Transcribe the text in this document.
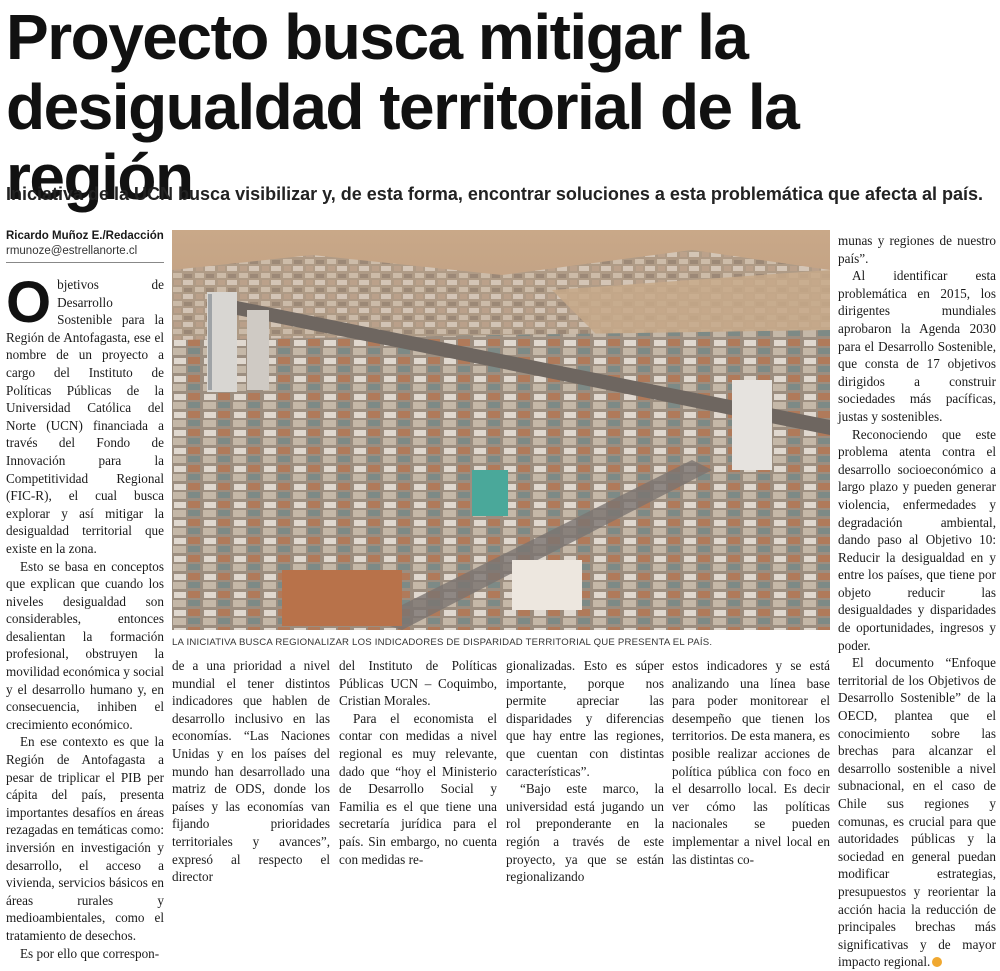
Proyecto busca mitigar la desigualdad territorial de la región
Iniciativa de la UCN busca visibilizar y, de esta forma, encontrar soluciones a esta problemática que afecta al país.
Ricardo Muñoz E./Redacción
rmunoze@estrellanorte.cl

Objetivos de Desarrollo Sostenible para la Región de Antofagasta, ese el nombre de un proyecto a cargo del Instituto de Políticas Públicas de la Universidad Católica del Norte (UCN) financiada a través del Fondo de Innovación para la Competitividad Regional (FIC-R), el cual busca explorar y así mitigar la desigualdad territorial que existe en la zona.

Esto se basa en conceptos que explican que cuando los niveles desigualdad son considerables, entonces desalientan la formación profesional, obstruyen la movilidad económica y social y el desarrollo humano y, en consecuencia, inhiben el crecimiento económico.

En ese contexto es que la Región de Antofagasta a pesar de triplicar el PIB per cápita del país, presenta importantes desafíos en áreas rezagadas en temáticas como: inversión en investigación y desarrollo, el acceso a vivienda, servicios básicos en áreas rurales y medioambientales, como el tratamiento de desechos.

Es por ello que correspon-

LA INICIATIVA BUSCA REGIONALIZAR LOS INDICADORES DE DISPARIDAD TERRITORIAL QUE PRESENTA EL PAÍS.

de a una prioridad a nivel mundial el tener distintos indicadores que hablen de desarrollo inclusivo en las economías. “Las Naciones Unidas y en los países del mundo han desarrollado una matriz de ODS, donde los países y las economías van fijando prioridades territoriales y avances”, expresó al respecto el director

del Instituto de Políticas Públicas UCN – Coquimbo, Cristian Morales.

Para el economista el contar con medidas a nivel regional es muy relevante, dado que “hoy el Ministerio de Desarrollo Social y Familia es el que tiene una secretaría jurídica para el país. Sin embargo, no cuenta con medidas re-

gionalizadas. Esto es súper importante, porque nos permite apreciar las disparidades y diferencias que hay entre las regiones, que cuentan con distintas características”.

“Bajo este marco, la universidad está jugando un rol preponderante en la región a través de este proyecto, ya que se están regionalizando

estos indicadores y se está analizando una línea base para poder monitorear el desempeño que tienen los territorios. De esta manera, es posible realizar acciones de política pública con foco en el desarrollo local. Es decir ver cómo las políticas nacionales se pueden implementar a nivel local en las distintas co-

munas y regiones de nuestro país”.

Al identificar esta problemática en 2015, los dirigentes mundiales aprobaron la Agenda 2030 para el Desarrollo Sostenible, que consta de 17 objetivos dirigidos a construir sociedades más pacíficas, justas y sostenibles.

Reconociendo que este problema atenta contra el desarrollo socioeconómico a largo plazo y pueden generar violencia, enfermedades y degradación ambiental, dando paso al Objetivo 10: Reducir la desigualdad en y entre los países, que tiene por objeto reducir las desigualdades y disparidades de oportunidades, ingresos y poder.

El documento “Enfoque territorial de los Objetivos de Desarrollo Sostenible” de la OECD, plantea que el conocimiento sobre las brechas para alcanzar el desarrollo sostenible a nivel subnacional, en el caso de Chile sus regiones y comunas, es crucial para que autoridades públicas y la sociedad en general puedan modificar estrategias, presupuestos y reorientar la acción hacia la reducción de principales brechas más significativas y de mayor impacto regional.
